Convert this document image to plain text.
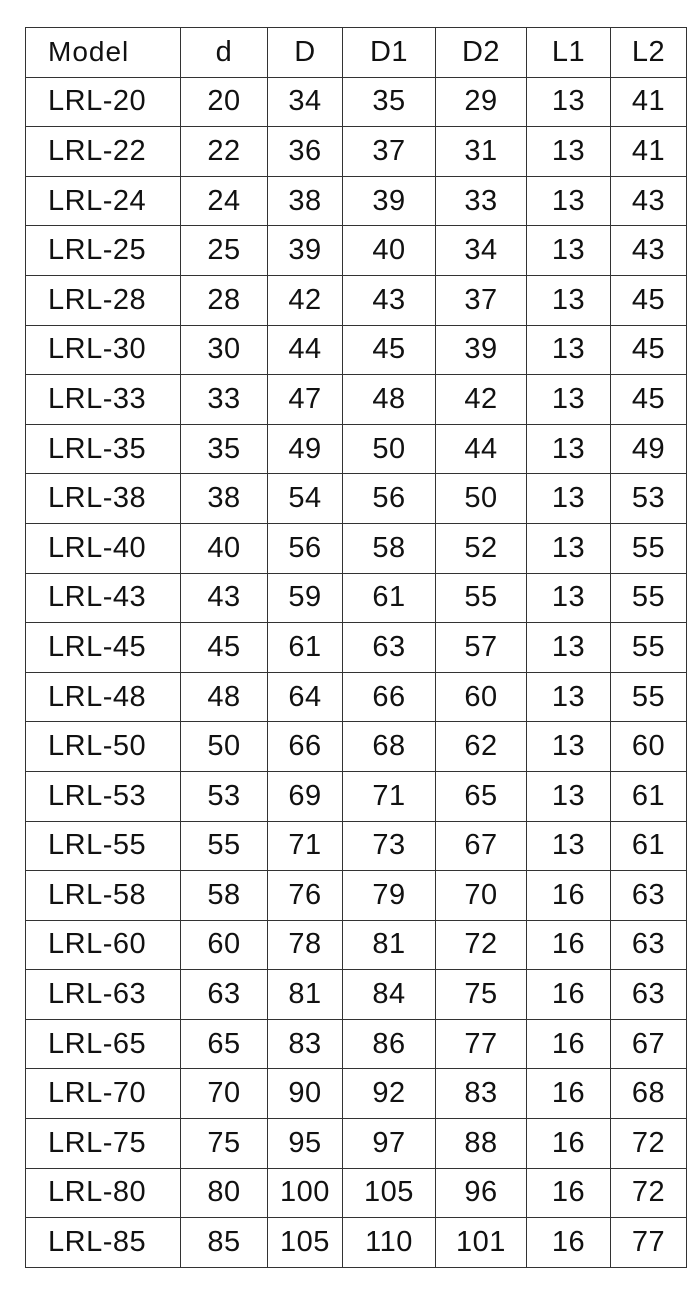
Model	d	D	D1	D2	L1	L2
LRL-20	20	34	35	29	13	41
LRL-22	22	36	37	31	13	41
LRL-24	24	38	39	33	13	43
LRL-25	25	39	40	34	13	43
LRL-28	28	42	43	37	13	45
LRL-30	30	44	45	39	13	45
LRL-33	33	47	48	42	13	45
LRL-35	35	49	50	44	13	49
LRL-38	38	54	56	50	13	53
LRL-40	40	56	58	52	13	55
LRL-43	43	59	61	55	13	55
LRL-45	45	61	63	57	13	55
LRL-48	48	64	66	60	13	55
LRL-50	50	66	68	62	13	60
LRL-53	53	69	71	65	13	61
LRL-55	55	71	73	67	13	61
LRL-58	58	76	79	70	16	63
LRL-60	60	78	81	72	16	63
LRL-63	63	81	84	75	16	63
LRL-65	65	83	86	77	16	67
LRL-70	70	90	92	83	16	68
LRL-75	75	95	97	88	16	72
LRL-80	80	100	105	96	16	72
LRL-85	85	105	110	101	16	77
